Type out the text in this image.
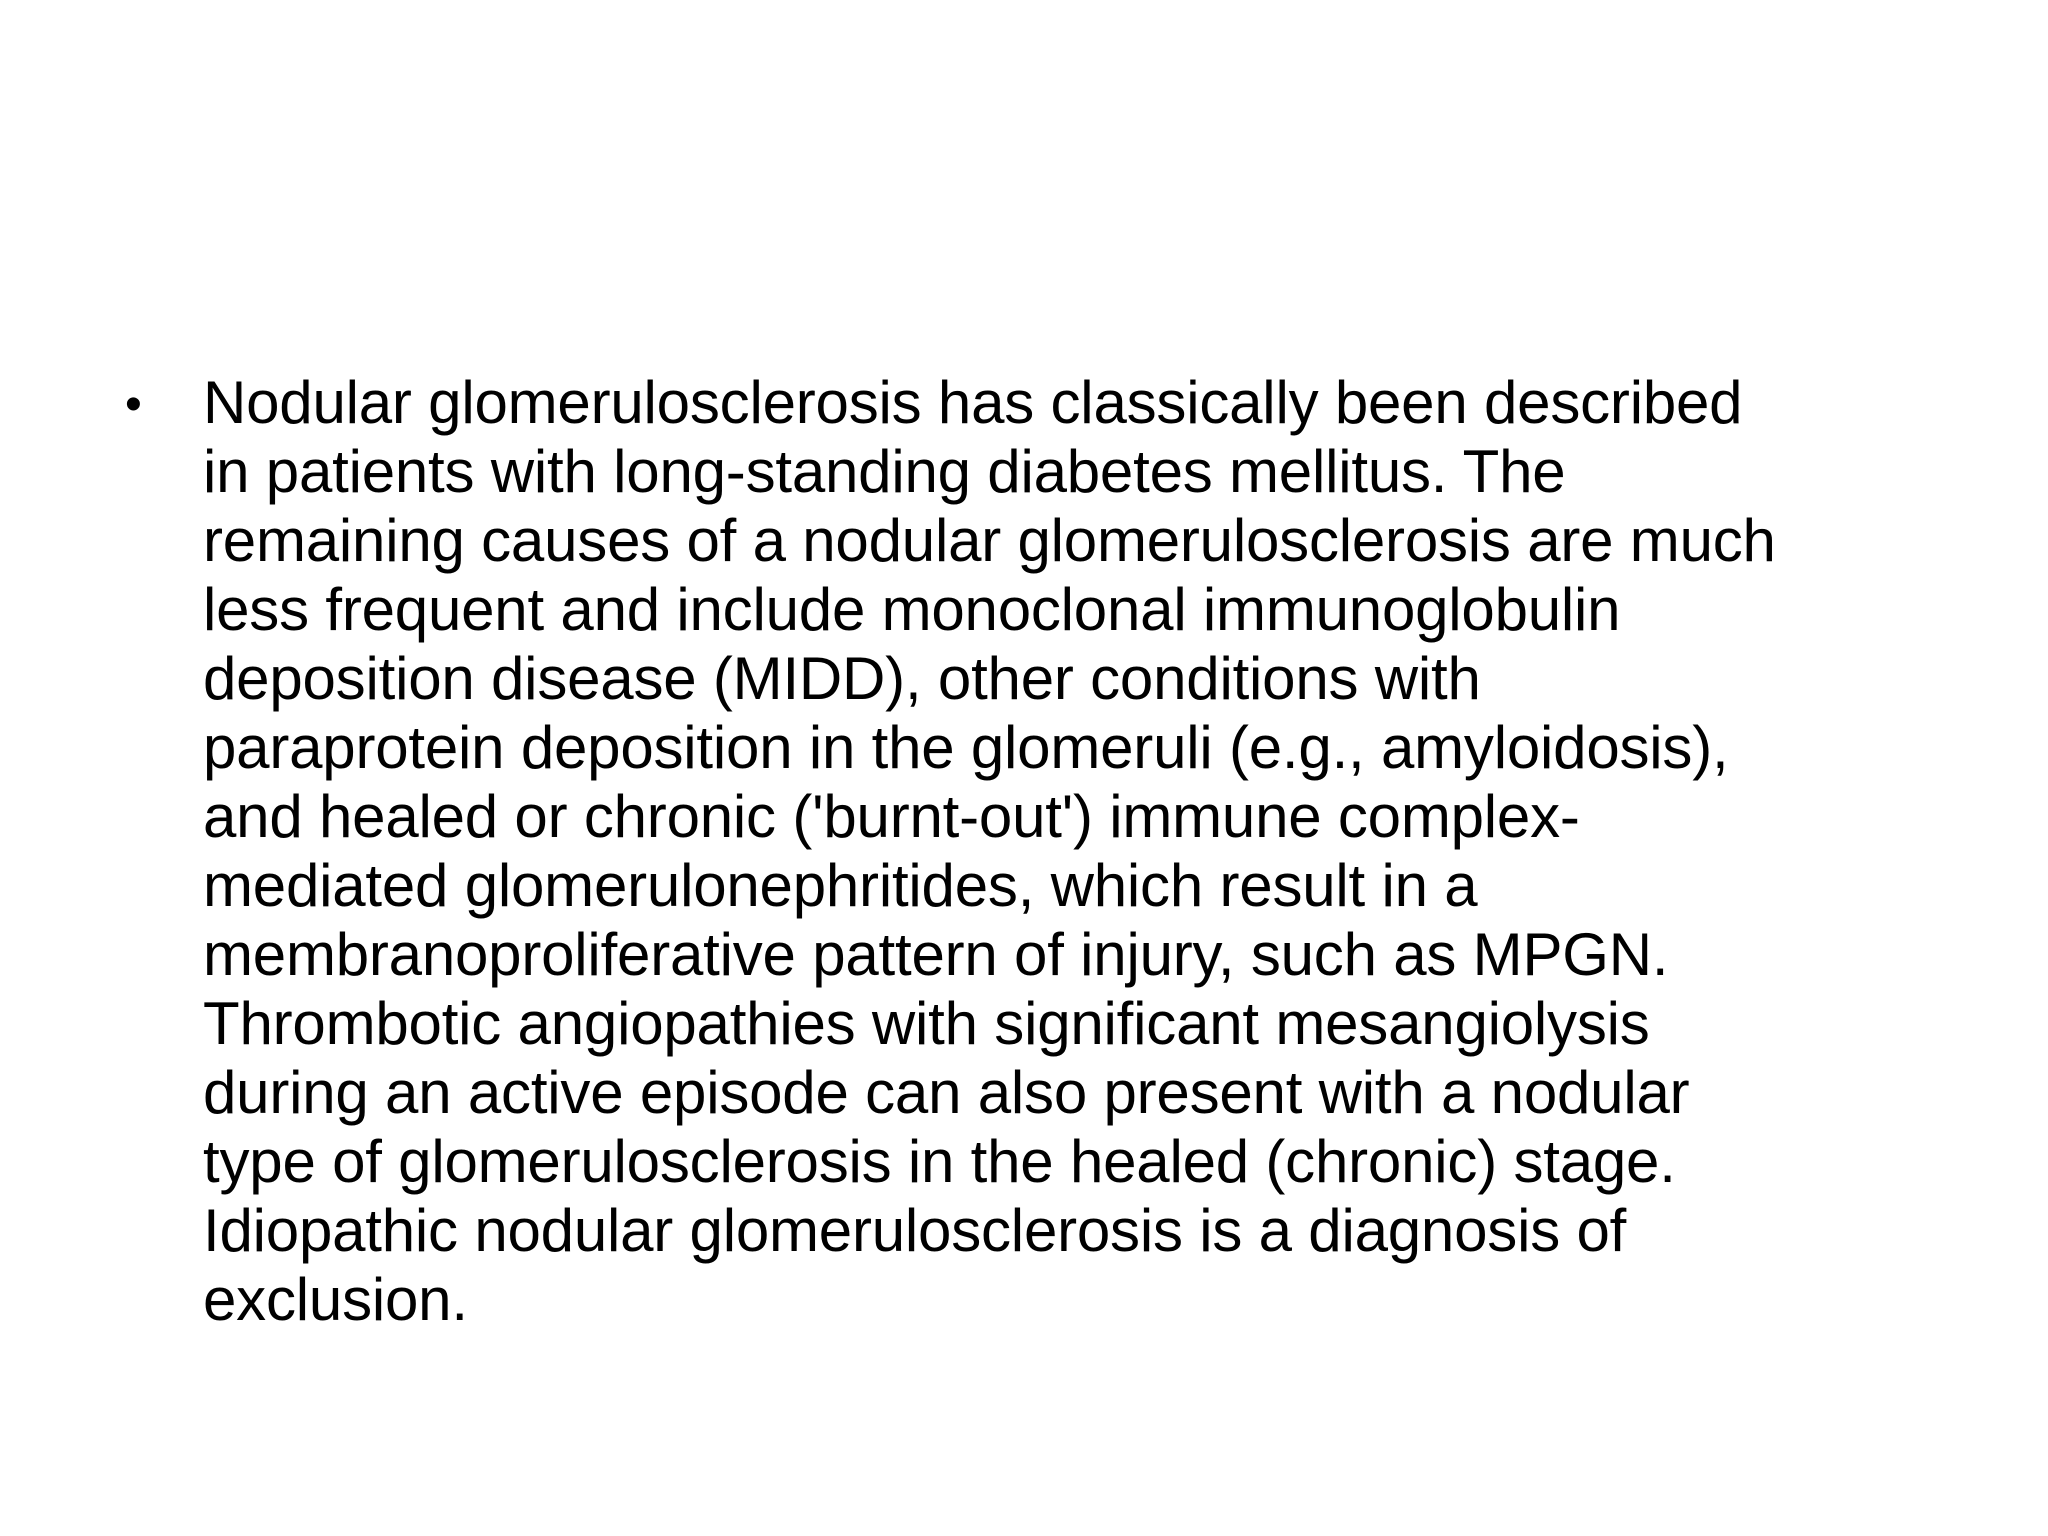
•	Nodular glomerulosclerosis has classically been described
in patients with long-standing diabetes mellitus. The
remaining causes of a nodular glomerulosclerosis are much
less frequent and include monoclonal immunoglobulin
deposition disease (MIDD), other conditions with
paraprotein deposition in the glomeruli (e.g., amyloidosis),
and healed or chronic ('burnt-out') immune complex-
mediated glomerulonephritides, which result in a
membranoproliferative pattern of injury, such as MPGN.
Thrombotic angiopathies with significant mesangiolysis
during an active episode can also present with a nodular
type of glomerulosclerosis in the healed (chronic) stage.
Idiopathic nodular glomerulosclerosis is a diagnosis of
exclusion.
